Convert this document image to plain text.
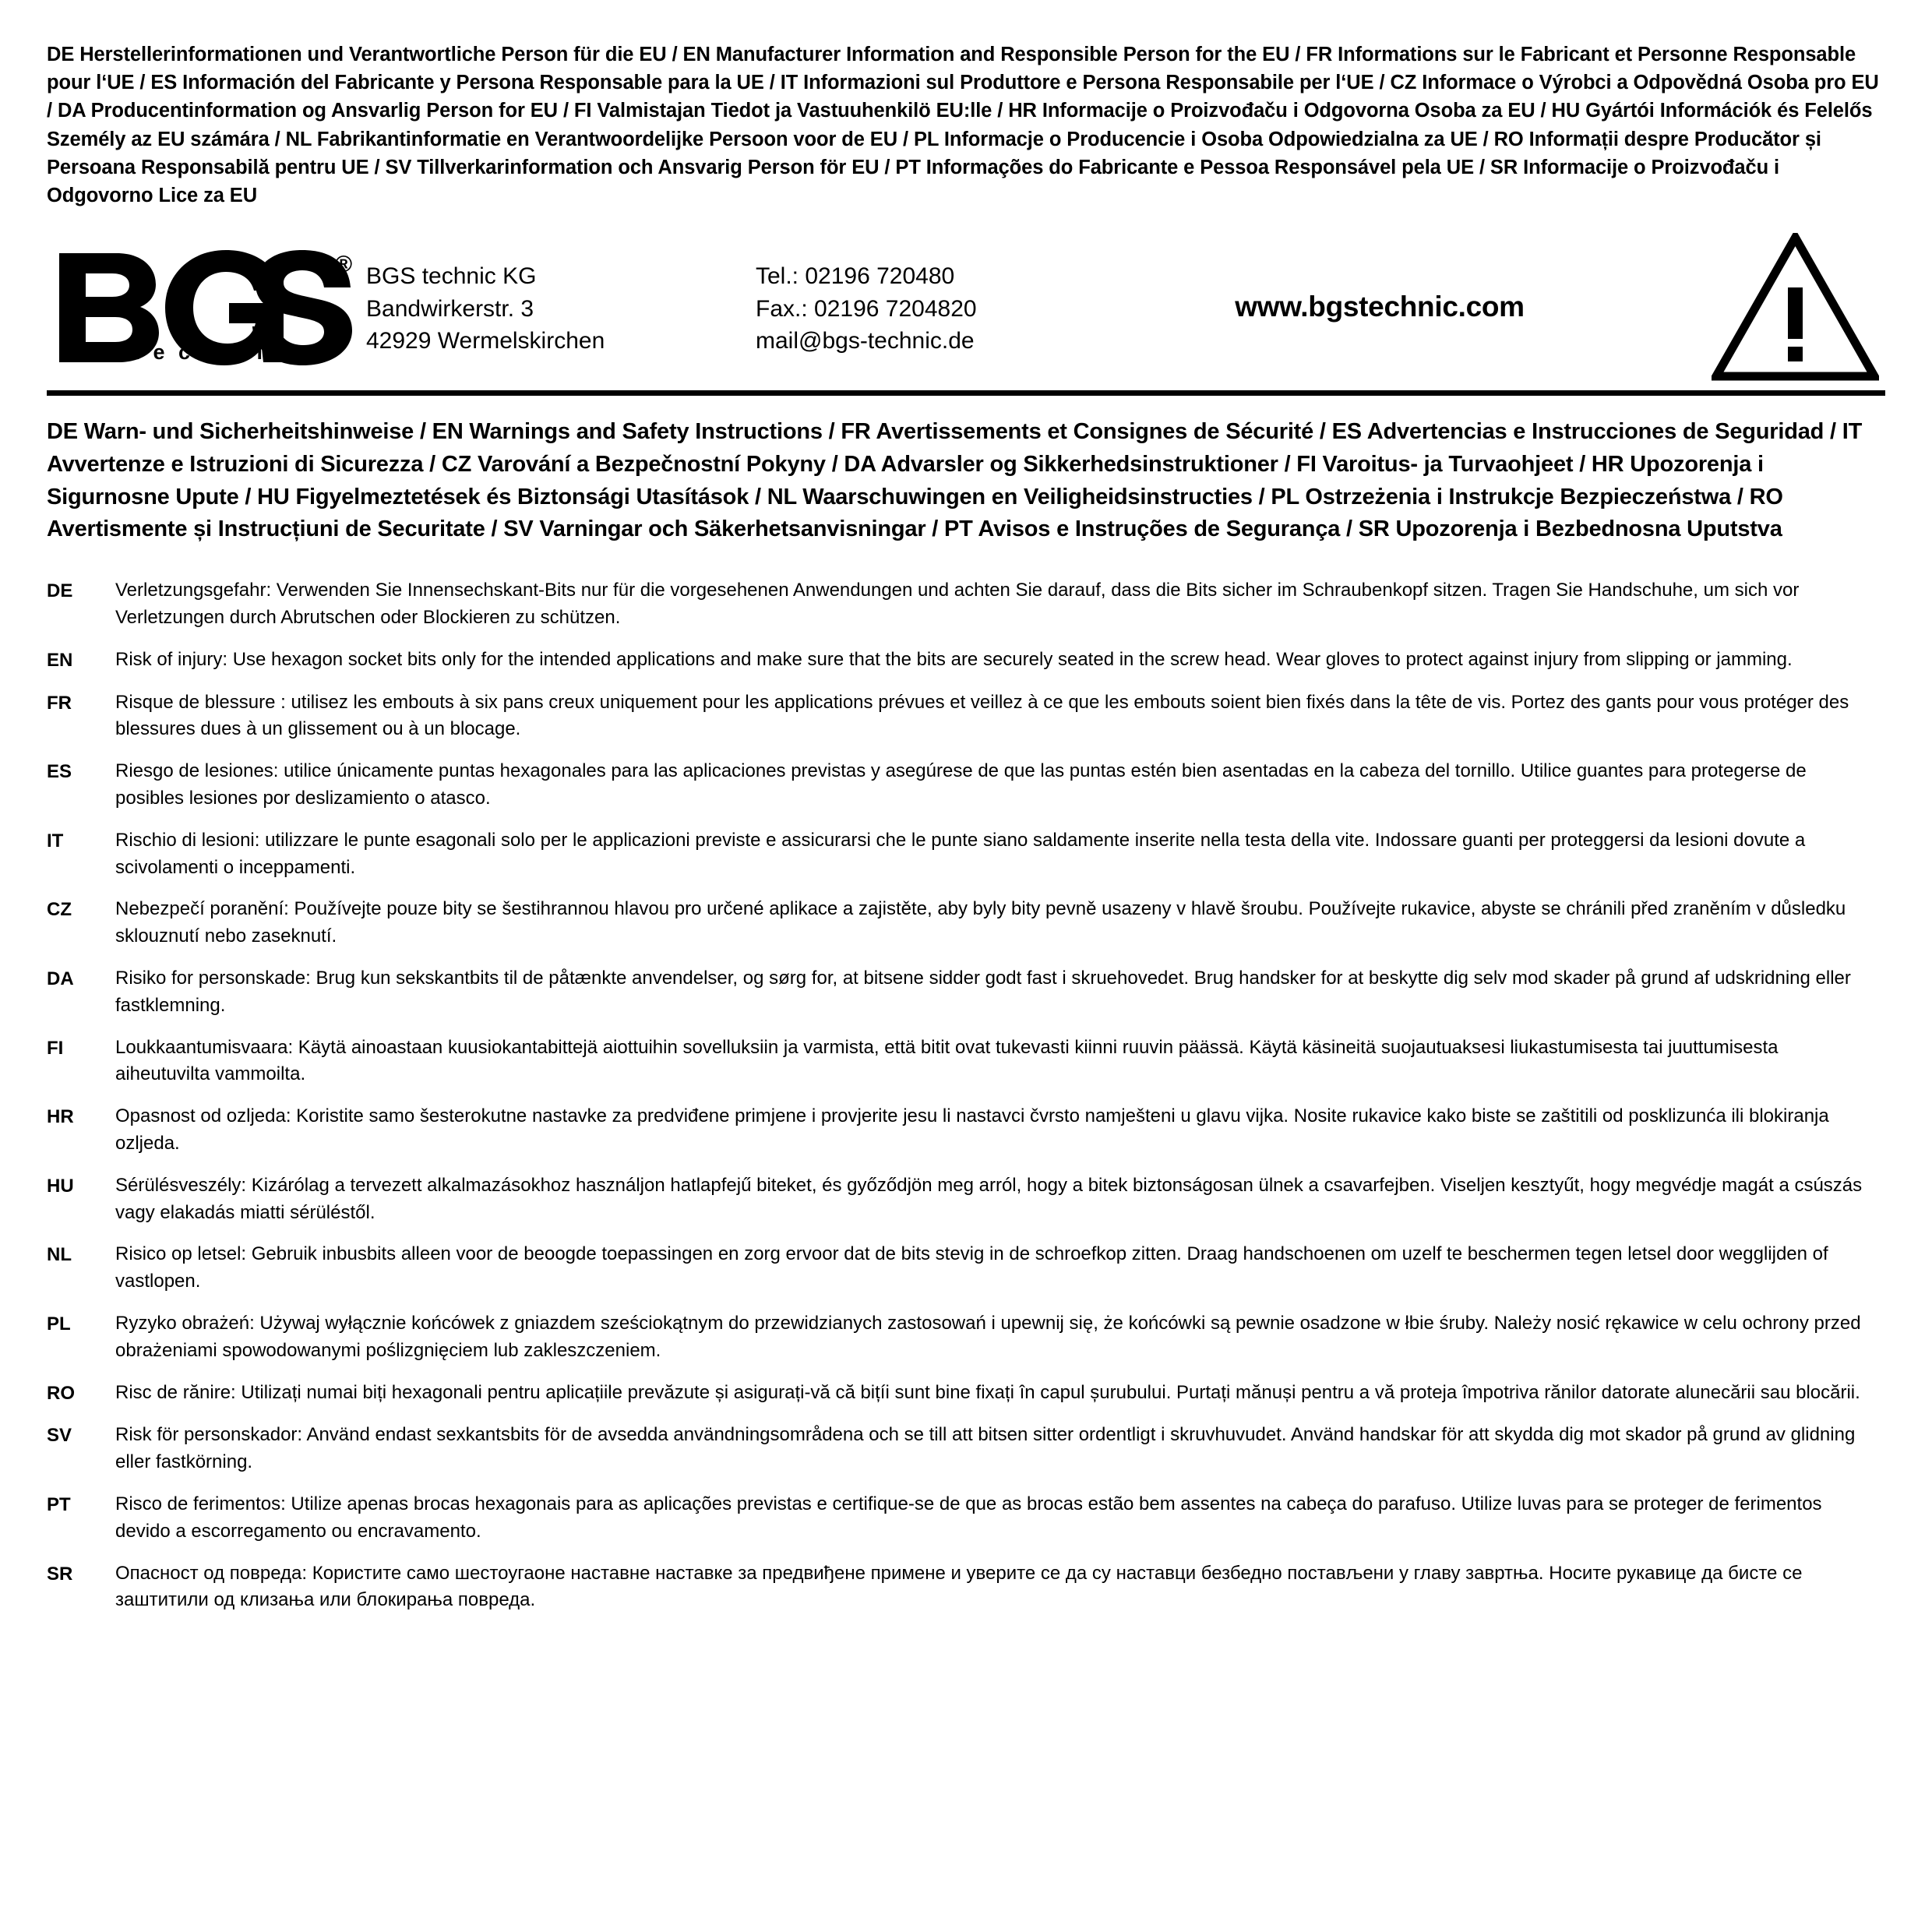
DE Herstellerinformationen und Verantwortliche Person für die EU / EN Manufacturer Information and Responsible Person for the EU / FR Informations sur le Fabricant et Personne Responsable pour l‘UE / ES Información del Fabricante y Persona Responsable para la UE / IT Informazioni sul Produttore e Persona Responsabile per l‘UE / CZ Informace o Výrobci a Odpovědná Osoba pro EU / DA Producentinformation og Ansvarlig Person for EU / FI Valmistajan Tiedot ja Vastuuhenkilö EU:lle / HR Informacije o Proizvođaču i Odgovorna Osoba za EU / HU Gyártói Információk és Felelős Személy az EU számára / NL Fabrikantinformatie en Verantwoordelijke Persoon voor de EU / PL Informacje o Producencie i Osoba Odpowiedzialna za UE / RO Informații despre Producător și Persoana Responsabilă pentru UE / SV Tillverkarinformation och Ansvarig Person för EU / PT Informações do Fabricante e Pessoa Responsável pela UE / SR Informacije o Proizvođaču i Odgovorno Lice za EU
®
t e c h n i c
BGS technic KG
Bandwirkerstr. 3
42929 Wermelskirchen
Tel.: 02196 720480
Fax.: 02196 7204820
mail@bgs-technic.de
www.bgstechnic.com
DE Warn- und Sicherheitshinweise / EN Warnings and Safety Instructions / FR Avertissements et Consignes de Sécurité / ES Advertencias e Instrucciones de Seguridad / IT Avvertenze e Istruzioni di Sicurezza / CZ Varování a Bezpečnostní Pokyny / DA Advarsler og Sikkerhedsinstruktioner / FI Varoitus- ja Turvaohjeet / HR Upozorenja i Sigurnosne Upute / HU Figyelmeztetések és Biztonsági Utasítások / NL Waarschuwingen en Veiligheidsinstructies / PL Ostrzeżenia i Instrukcje Bezpieczeństwa / RO Avertismente și Instrucțiuni de Securitate / SV Varningar och Säkerhetsanvisningar / PT Avisos e Instruções de Segurança / SR Upozorenja i Bezbednosna Uputstva
DE	Verletzungsgefahr: Verwenden Sie Innensechskant-Bits nur für die vorgesehenen Anwendungen und achten Sie darauf, dass die Bits sicher im Schraubenkopf sitzen. Tragen Sie Handschuhe, um sich vor Verletzungen durch Abrutschen oder Blockieren zu schützen.
EN	Risk of injury: Use hexagon socket bits only for the intended applications and make sure that the bits are securely seated in the screw head. Wear gloves to protect against injury from slipping or jamming.
FR	Risque de blessure : utilisez les embouts à six pans creux uniquement pour les applications prévues et veillez à ce que les embouts soient bien fixés dans la tête de vis. Portez des gants pour vous protéger des blessures dues à un glissement ou à un blocage.
ES	Riesgo de lesiones: utilice únicamente puntas hexagonales para las aplicaciones previstas y asegúrese de que las puntas estén bien asentadas en la cabeza del tornillo. Utilice guantes para protegerse de posibles lesiones por deslizamiento o atasco.
IT	Rischio di lesioni: utilizzare le punte esagonali solo per le applicazioni previste e assicurarsi che le punte siano saldamente inserite nella testa della vite. Indossare guanti per proteggersi da lesioni dovute a scivolamenti o inceppamenti.
CZ	Nebezpečí poranění: Používejte pouze bity se šestihrannou hlavou pro určené aplikace a zajistěte, aby byly bity pevně usazeny v hlavě šroubu. Používejte rukavice, abyste se chránili před zraněním v důsledku sklouznutí nebo zaseknutí.
DA	Risiko for personskade: Brug kun sekskantbits til de påtænkte anvendelser, og sørg for, at bitsene sidder godt fast i skruehovedet. Brug handsker for at beskytte dig selv mod skader på grund af udskridning eller fastklemning.
FI	Loukkaantumisvaara: Käytä ainoastaan kuusiokantabittejä aiottuihin sovelluksiin ja varmista, että bitit ovat tukevasti kiinni ruuvin päässä. Käytä käsineitä suojautuaksesi liukastumisesta tai juuttumisesta aiheutuvilta vammoilta.
HR	Opasnost od ozljeda: Koristite samo šesterokutne nastavke za predviđene primjene i provjerite jesu li nastavci čvrsto namješteni u glavu vijka. Nosite rukavice kako biste se zaštitili od posklizunća ili blokiranja ozljeda.
HU	Sérülésveszély: Kizárólag a tervezett alkalmazásokhoz használjon hatlapfejű biteket, és győződjön meg arról, hogy a bitek biztonságosan ülnek a csavarfejben. Viseljen kesztyűt, hogy megvédje magát a csúszás vagy elakadás miatti sérüléstől.
NL	Risico op letsel: Gebruik inbusbits alleen voor de beoogde toepassingen en zorg ervoor dat de bits stevig in de schroefkop zitten. Draag handschoenen om uzelf te beschermen tegen letsel door wegglijden of vastlopen.
PL	Ryzyko obrażeń: Używaj wyłącznie końcówek z gniazdem sześciokątnym do przewidzianych zastosowań i upewnij się, że końcówki są pewnie osadzone w łbie śruby. Należy nosić rękawice w celu ochrony przed obrażeniami spowodowanymi poślizgnięciem lub zakleszczeniem.
RO	Risc de rănire: Utilizați numai biți hexagonali pentru aplicațiile prevăzute și asigurați-vă că bițíi sunt bine fixați în capul șurubului. Purtați mănuși pentru a vă proteja împotriva rănilor datorate alunecării sau blocării.
SV	Risk för personskador: Använd endast sexkantsbits för de avsedda användningsområdena och se till att bitsen sitter ordentligt i skruvhuvudet. Använd handskar för att skydda dig mot skador på grund av glidning eller fastkörning.
PT	Risco de ferimentos: Utilize apenas brocas hexagonais para as aplicações previstas e certifique-se de que as brocas estão bem assentes na cabeça do parafuso. Utilize luvas para se proteger de ferimentos devido a escorregamento ou encravamento.
SR	Опасност од повреда: Користите само шестоугаоне наставне наставке за предвиђене примене и уверите се да су наставци безбедно постављени у главу завртња. Носите рукавице да бисте се заштитили од клизања или блокирања повреда.
